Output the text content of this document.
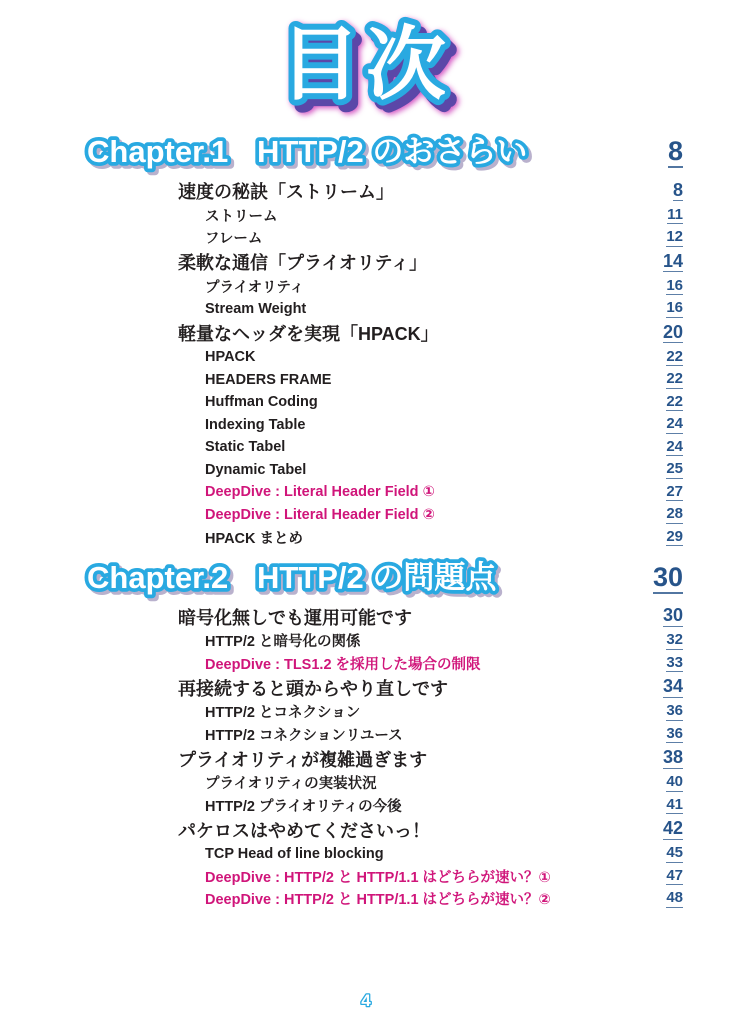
目次
Chapter.1 HTTP/2 のおさらい	8
速度の秘訣「ストリーム」	8
ストリーム	11
フレーム	12
柔軟な通信「プライオリティ」	14
プライオリティ	16
Stream Weight	16
軽量なヘッダを実現「HPACK」	20
HPACK	22
HEADERS FRAME	22
Huffman Coding	22
Indexing Table	24
Static Tabel	24
Dynamic Tabel	25
DeepDive : Literal Header Field ①	27
DeepDive : Literal Header Field ②	28
HPACK まとめ	29
Chapter.2 HTTP/2 の問題点	30
暗号化無しでも運用可能です	30
HTTP/2 と暗号化の関係	32
DeepDive : TLS1.2 を採用した場合の制限	33
再接続すると頭からやり直しです	34
HTTP/2 とコネクション	36
HTTP/2 コネクションリユース	36
プライオリティが複雑過ぎます	38
プライオリティの実装状況	40
HTTP/2 プライオリティの今後	41
パケロスはやめてくださいっ！	42
TCP Head of line blocking	45
DeepDive : HTTP/2 と HTTP/1.1 はどちらが速い？①	47
DeepDive : HTTP/2 と HTTP/1.1 はどちらが速い？②	48
4
